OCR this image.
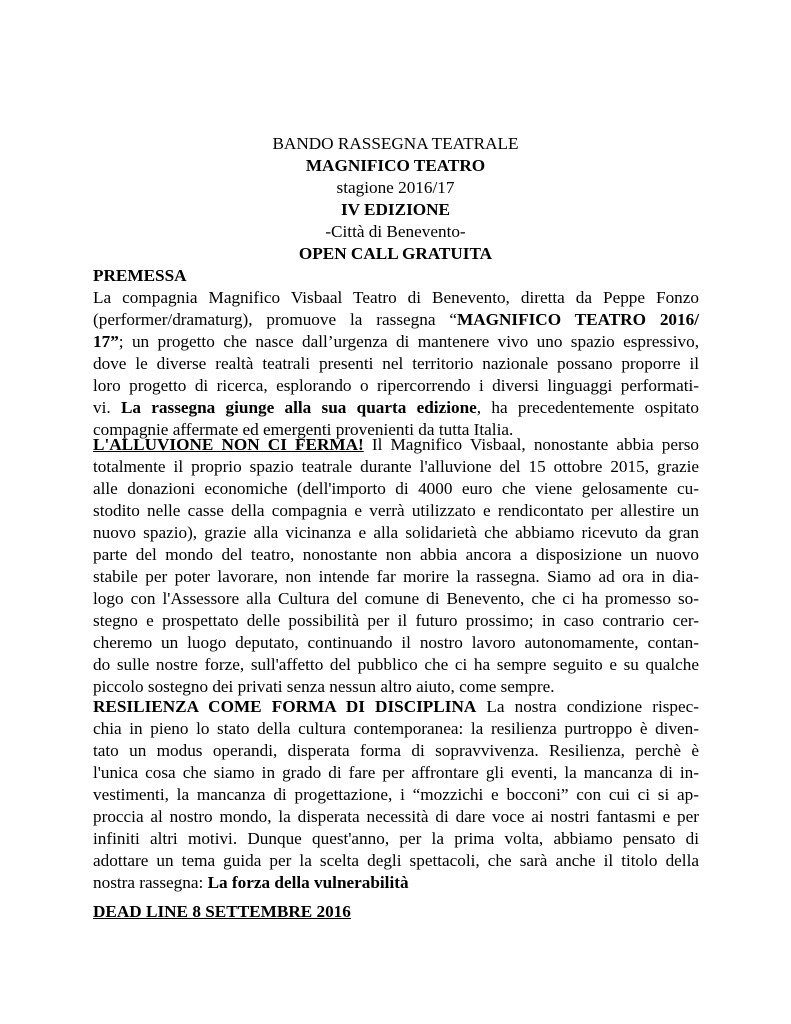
BANDO RASSEGNA TEATRALE
MAGNIFICO TEATRO
stagione 2016/17
IV EDIZIONE
-Città di Benevento-
OPEN CALL GRATUITA
PREMESSA
La compagnia Magnifico Visbaal Teatro di Benevento, diretta da Peppe Fonzo
(performer/dramaturg), promuove la rassegna “MAGNIFICO TEATRO 2016/
17”; un progetto che nasce dall’urgenza di mantenere vivo uno spazio espressivo,
dove le diverse realtà teatrali presenti nel territorio nazionale possano proporre il
loro progetto di ricerca, esplorando o ripercorrendo i diversi linguaggi performati-
vi. La rassegna giunge alla sua quarta edizione, ha precedentemente ospitato
compagnie affermate ed emergenti provenienti da tutta Italia.
L'ALLUVIONE NON CI FERMA! Il Magnifico Visbaal, nonostante abbia perso
totalmente il proprio spazio teatrale durante l'alluvione del 15 ottobre 2015, grazie
alle donazioni economiche (dell'importo di 4000 euro che viene gelosamente cu-
stodito nelle casse della compagnia e verrà utilizzato e rendicontato per allestire un
nuovo spazio), grazie alla vicinanza e alla solidarietà che abbiamo ricevuto da gran
parte del mondo del teatro, nonostante non abbia ancora a disposizione un nuovo
stabile per poter lavorare, non intende far morire la rassegna. Siamo ad ora in dia-
logo con l'Assessore alla Cultura del comune di Benevento, che ci ha promesso so-
stegno e prospettato delle possibilità per il futuro prossimo; in caso contrario cer-
cheremo un luogo deputato, continuando il nostro lavoro autonomamente, contan-
do sulle nostre forze, sull'affetto del pubblico che ci ha sempre seguito e su qualche
piccolo sostegno dei privati senza nessun altro aiuto, come sempre.
RESILIENZA COME FORMA DI DISCIPLINA La nostra condizione rispec-
chia in pieno lo stato della cultura contemporanea: la resilienza purtroppo è diven-
tato un modus operandi, disperata forma di sopravvivenza. Resilienza, perchè è
l'unica cosa che siamo in grado di fare per affrontare gli eventi, la mancanza di in-
vestimenti, la mancanza di progettazione, i “mozzichi e bocconi” con cui ci si ap-
proccia al nostro mondo, la disperata necessità di dare voce ai nostri fantasmi e per
infiniti altri motivi. Dunque quest'anno, per la prima volta, abbiamo pensato di
adottare un tema guida per la scelta degli spettacoli, che sarà anche il titolo della
nostra rassegna: La forza della vulnerabilità
DEAD LINE 8 SETTEMBRE 2016
